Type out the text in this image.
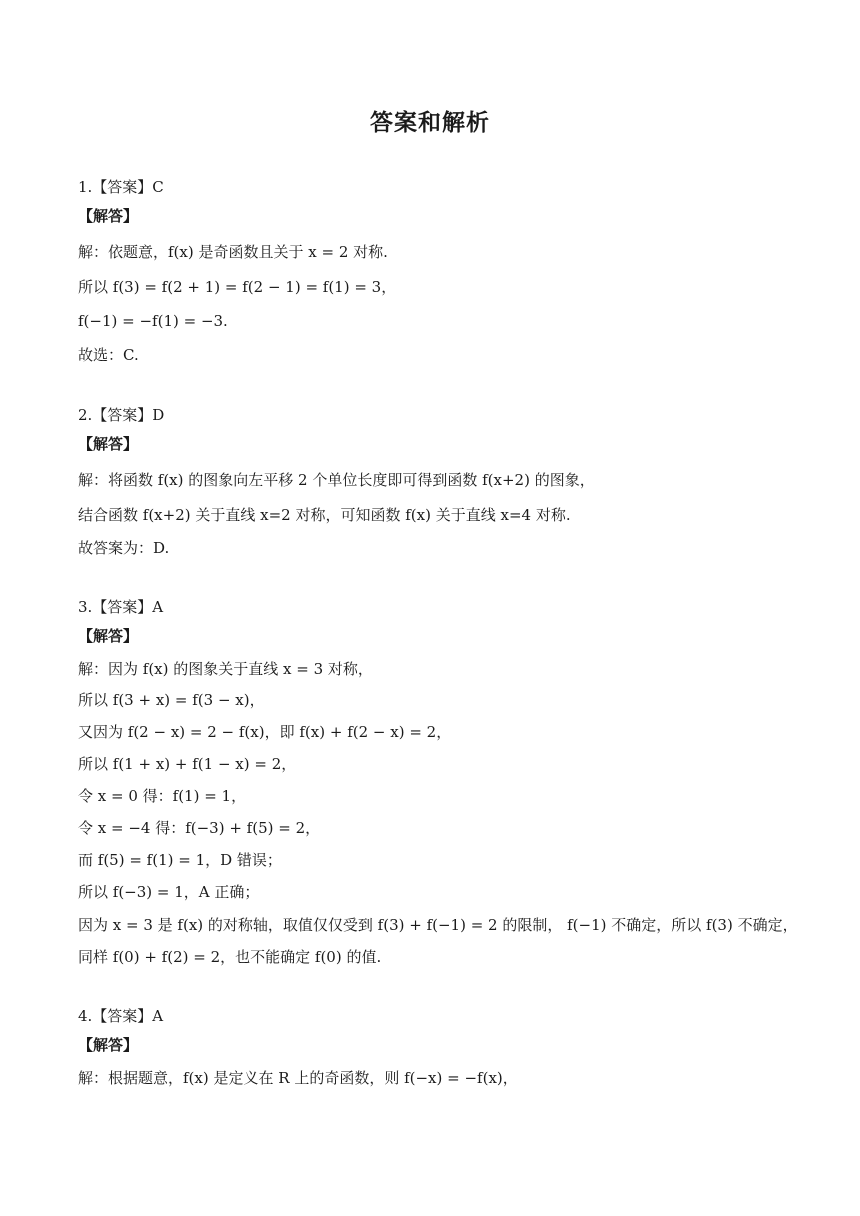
答案和解析
1.【答案】C
【解答】
解：依题意，f(x) 是奇函数且关于 x = 2 对称.
所以 f(3) = f(2 + 1) = f(2 − 1) = f(1) = 3，
f(−1) = −f(1) = −3.
故选：C.
2.【答案】D
【解答】
解：将函数 f(x) 的图象向左平移 2 个单位长度即可得到函数 f(x+2) 的图象，
结合函数 f(x+2) 关于直线 x=2 对称，可知函数 f(x) 关于直线 x=4 对称.
故答案为：D.
3.【答案】A
【解答】
解：因为 f(x) 的图象关于直线 x = 3 对称，
所以 f(3 + x) = f(3 − x)，
又因为 f(2 − x) = 2 − f(x)，即 f(x) + f(2 − x) = 2，
所以 f(1 + x) + f(1 − x) = 2，
令 x = 0 得：f(1) = 1，
令 x = −4 得：f(−3) + f(5) = 2，
而 f(5) = f(1) = 1，D 错误；
所以 f(−3) = 1，A 正确；
因为 x = 3 是 f(x) 的对称轴，取值仅仅受到 f(3) + f(−1) = 2 的限制， f(−1) 不确定，所以 f(3) 不确定，
同样 f(0) + f(2) = 2，也不能确定 f(0) 的值.
4.【答案】A
【解答】
解：根据题意，f(x) 是定义在 R 上的奇函数，则 f(−x) = −f(x)，
